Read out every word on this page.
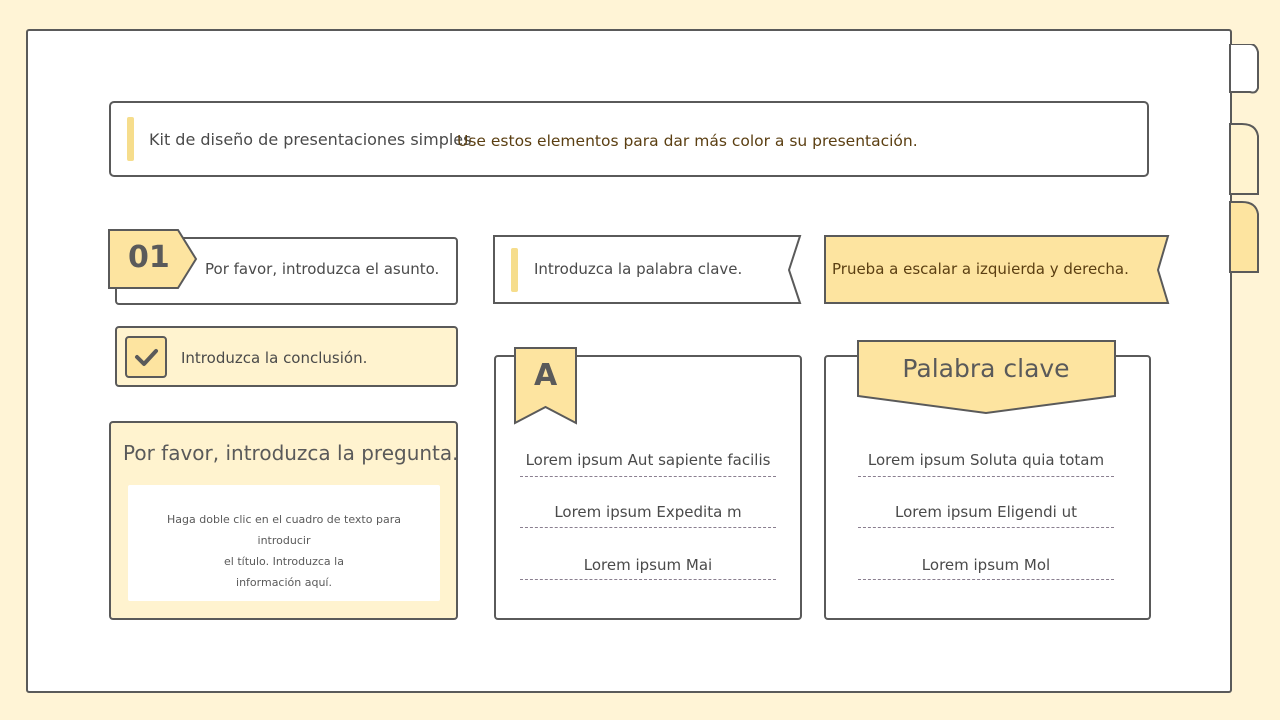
Kit de diseño de presentaciones simples
Use estos elementos para dar más color a su presentación.
01 Por favor, introduzca el asunto.	Introduzca la palabra clave.	Prueba a escalar a izquierda y derecha.
Introduzca la conclusión.
Por favor, introduzca la pregunta.
Haga doble clic en el cuadro de texto para introducir
el título. Introduzca la
información aquí.
A
Lorem ipsum Aut sapiente facilis
Lorem ipsum Expedita m
Lorem ipsum Mai
Palabra clave
Lorem ipsum Soluta quia totam
Lorem ipsum Eligendi ut
Lorem ipsum Mol
